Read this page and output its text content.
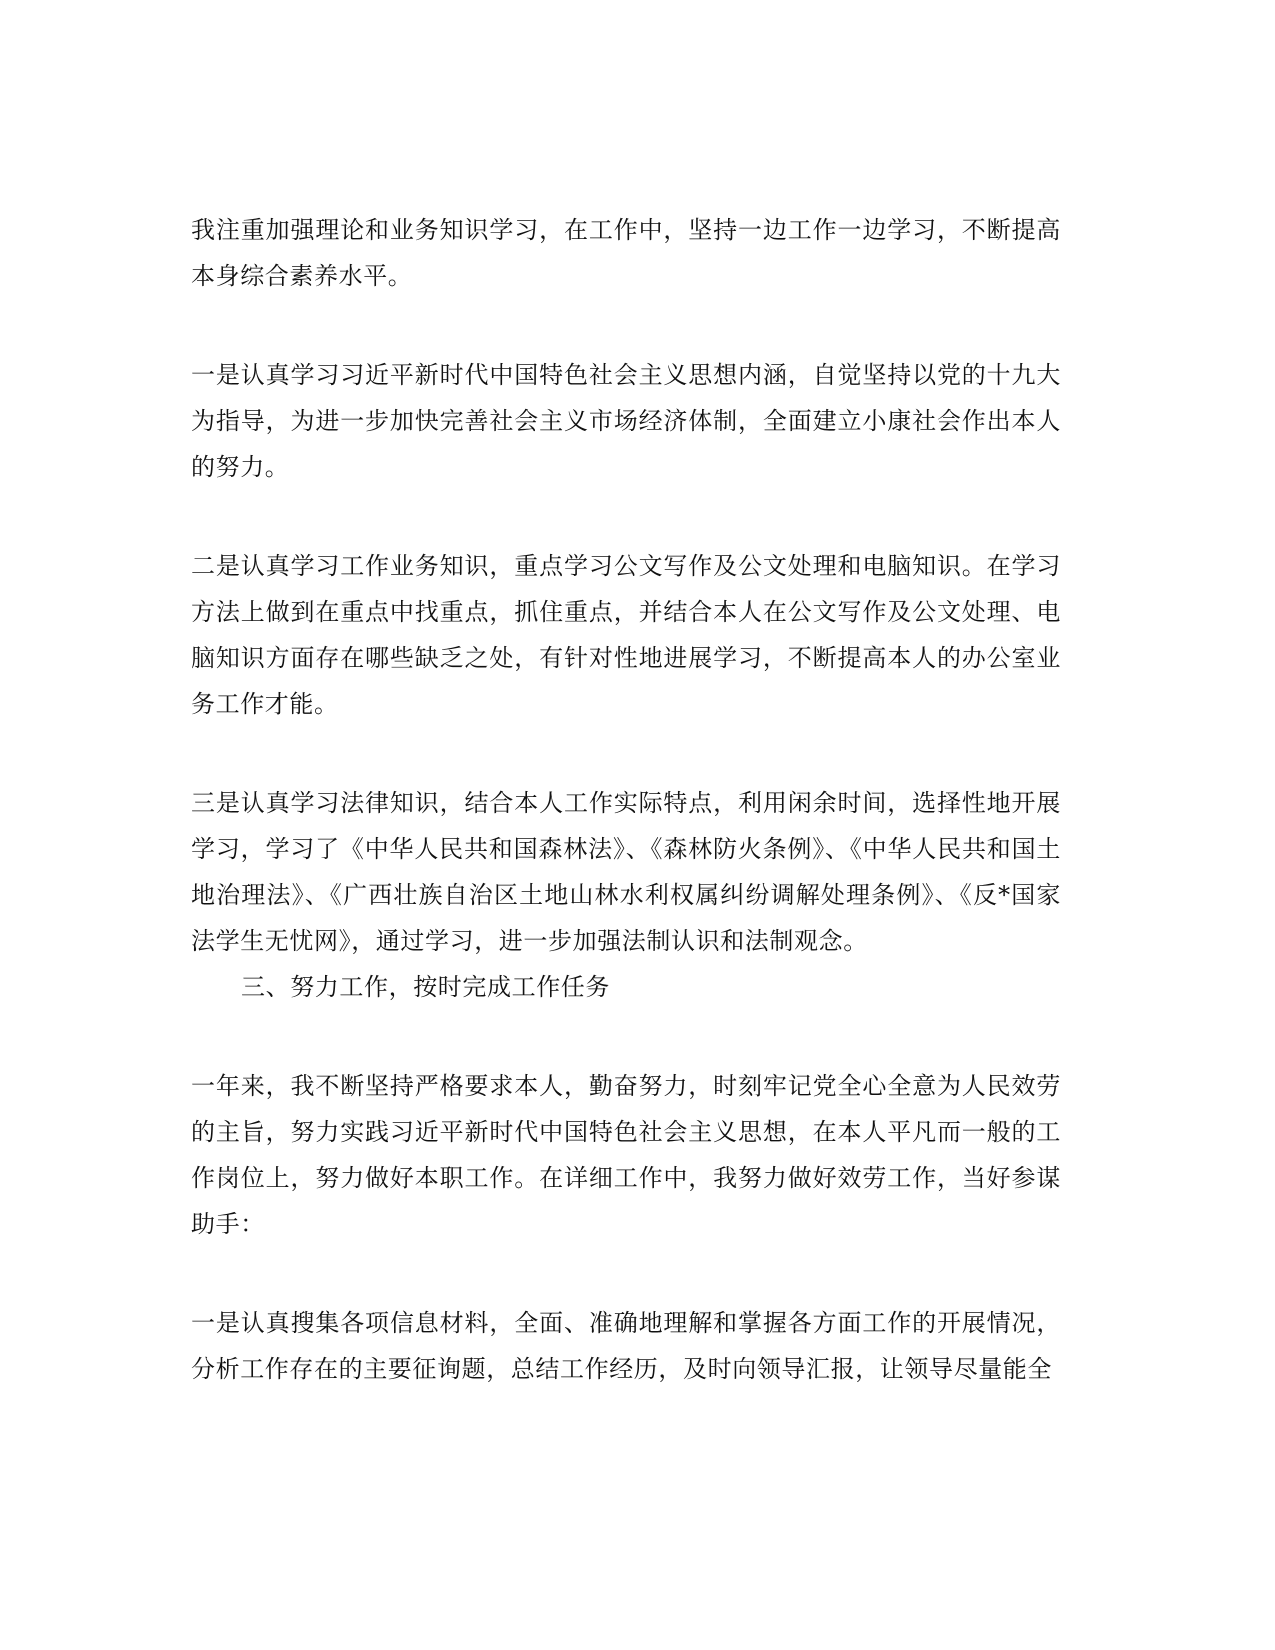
我注重加强理论和业务知识学习，在工作中，坚持一边工作一边学习，不断提高本身综合素养水平。

一是认真学习习近平新时代中国特色社会主义思想内涵，自觉坚持以党的十九大为指导，为进一步加快完善社会主义市场经济体制，全面建立小康社会作出本人的努力。

二是认真学习工作业务知识，重点学习公文写作及公文处理和电脑知识。在学习方法上做到在重点中找重点，抓住重点，并结合本人在公文写作及公文处理、电脑知识方面存在哪些缺乏之处，有针对性地进展学习，不断提高本人的办公室业务工作才能。

三是认真学习法律知识，结合本人工作实际特点，利用闲余时间，选择性地开展学习，学习了《中华人民共和国森林法》、《森林防火条例》、《中华人民共和国土地治理法》、《广西壮族自治区土地山林水利权属纠纷调解处理条例》、《反*国家法学生无忧网》，通过学习，进一步加强法制认识和法制观念。

三、努力工作，按时完成工作任务

一年来，我不断坚持严格要求本人，勤奋努力，时刻牢记党全心全意为人民效劳的主旨，努力实践习近平新时代中国特色社会主义思想，在本人平凡而一般的工作岗位上，努力做好本职工作。在详细工作中，我努力做好效劳工作，当好参谋助手：

一是认真搜集各项信息材料，全面、准确地理解和掌握各方面工作的开展情况，分析工作存在的主要征询题，总结工作经历，及时向领导汇报，让领导尽量能全
